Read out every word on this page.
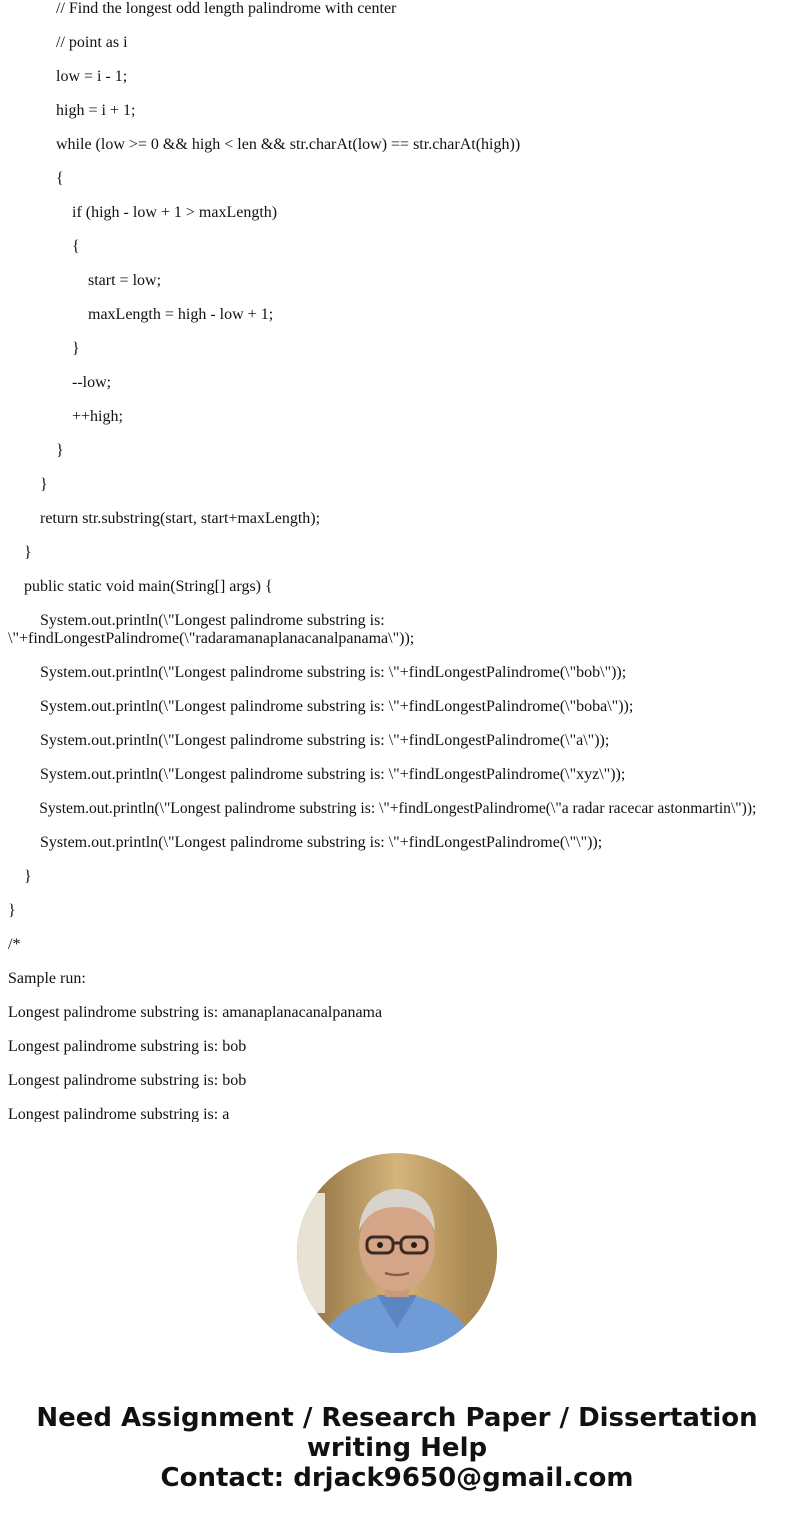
// Find the longest odd length palindrome with center

// point as i

low = i - 1;

high = i + 1;

while (low >= 0 && high < len && str.charAt(low) == str.charAt(high))

{

if (high - low + 1 > maxLength)

{

start = low;

maxLength = high - low + 1;

}

--low;

++high;

}

}

return str.substring(start, start+maxLength);

}

public static void main(String[] args) {

System.out.println(\"Longest palindrome substring is: \"+findLongestPalindrome(\"radaramanaplanacanalpanama\"));

System.out.println(\"Longest palindrome substring is: \"+findLongestPalindrome(\"bob\"));

System.out.println(\"Longest palindrome substring is: \"+findLongestPalindrome(\"boba\"));

System.out.println(\"Longest palindrome substring is: \"+findLongestPalindrome(\"a\"));

System.out.println(\"Longest palindrome substring is: \"+findLongestPalindrome(\"xyz\"));

System.out.println(\"Longest palindrome substring is: \"+findLongestPalindrome(\"a radar racecar astonmartin\"));

System.out.println(\"Longest palindrome substring is: \"+findLongestPalindrome(\"\"));

}

}

/*

Sample run:

Longest palindrome substring is: amanaplanacanalpanama

Longest palindrome substring is: bob

Longest palindrome substring is: bob

Longest palindrome substring is: a

Need Assignment / Research Paper / Dissertation
writing Help
Contact: drjack9650@gmail.com
